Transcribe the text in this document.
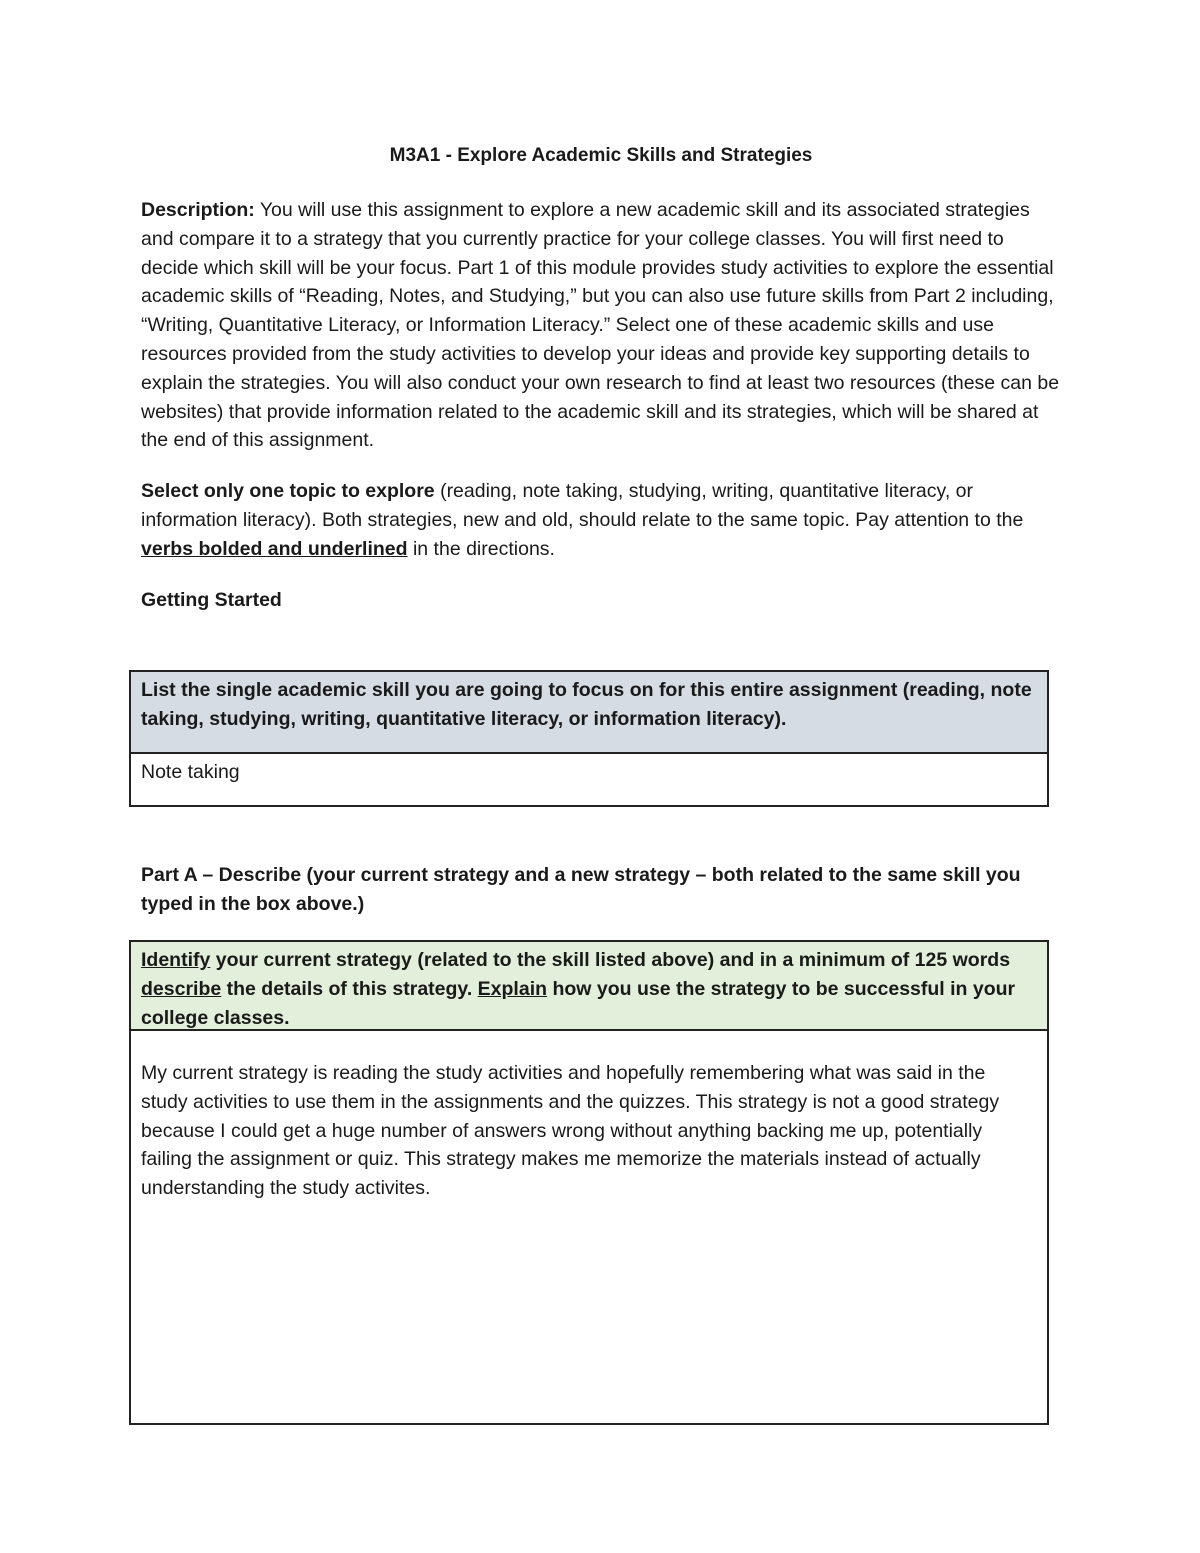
M3A1 - Explore Academic Skills and Strategies

Description: You will use this assignment to explore a new academic skill and its associated strategies and compare it to a strategy that you currently practice for your college classes. You will first need to decide which skill will be your focus. Part 1 of this module provides study activities to explore the essential academic skills of “Reading, Notes, and Studying,” but you can also use future skills from Part 2 including, “Writing, Quantitative Literacy, or Information Literacy.” Select one of these academic skills and use resources provided from the study activities to develop your ideas and provide key supporting details to explain the strategies. You will also conduct your own research to find at least two resources (these can be websites) that provide information related to the academic skill and its strategies, which will be shared at the end of this assignment.

Select only one topic to explore (reading, note taking, studying, writing, quantitative literacy, or information literacy). Both strategies, new and old, should relate to the same topic. Pay attention to the verbs bolded and underlined in the directions.

Getting Started

List the single academic skill you are going to focus on for this entire assignment (reading, note taking, studying, writing, quantitative literacy, or information literacy).
Note taking

Part A – Describe (your current strategy and a new strategy – both related to the same skill you typed in the box above.)

Identify your current strategy (related to the skill listed above) and in a minimum of 125 words describe the details of this strategy. Explain how you use the strategy to be successful in your college classes.
My current strategy is reading the study activities and hopefully remembering what was said in the study activities to use them in the assignments and the quizzes. This strategy is not a good strategy because I could get a huge number of answers wrong without anything backing me up, potentially failing the assignment or quiz. This strategy makes me memorize the materials instead of actually understanding the study activites.
